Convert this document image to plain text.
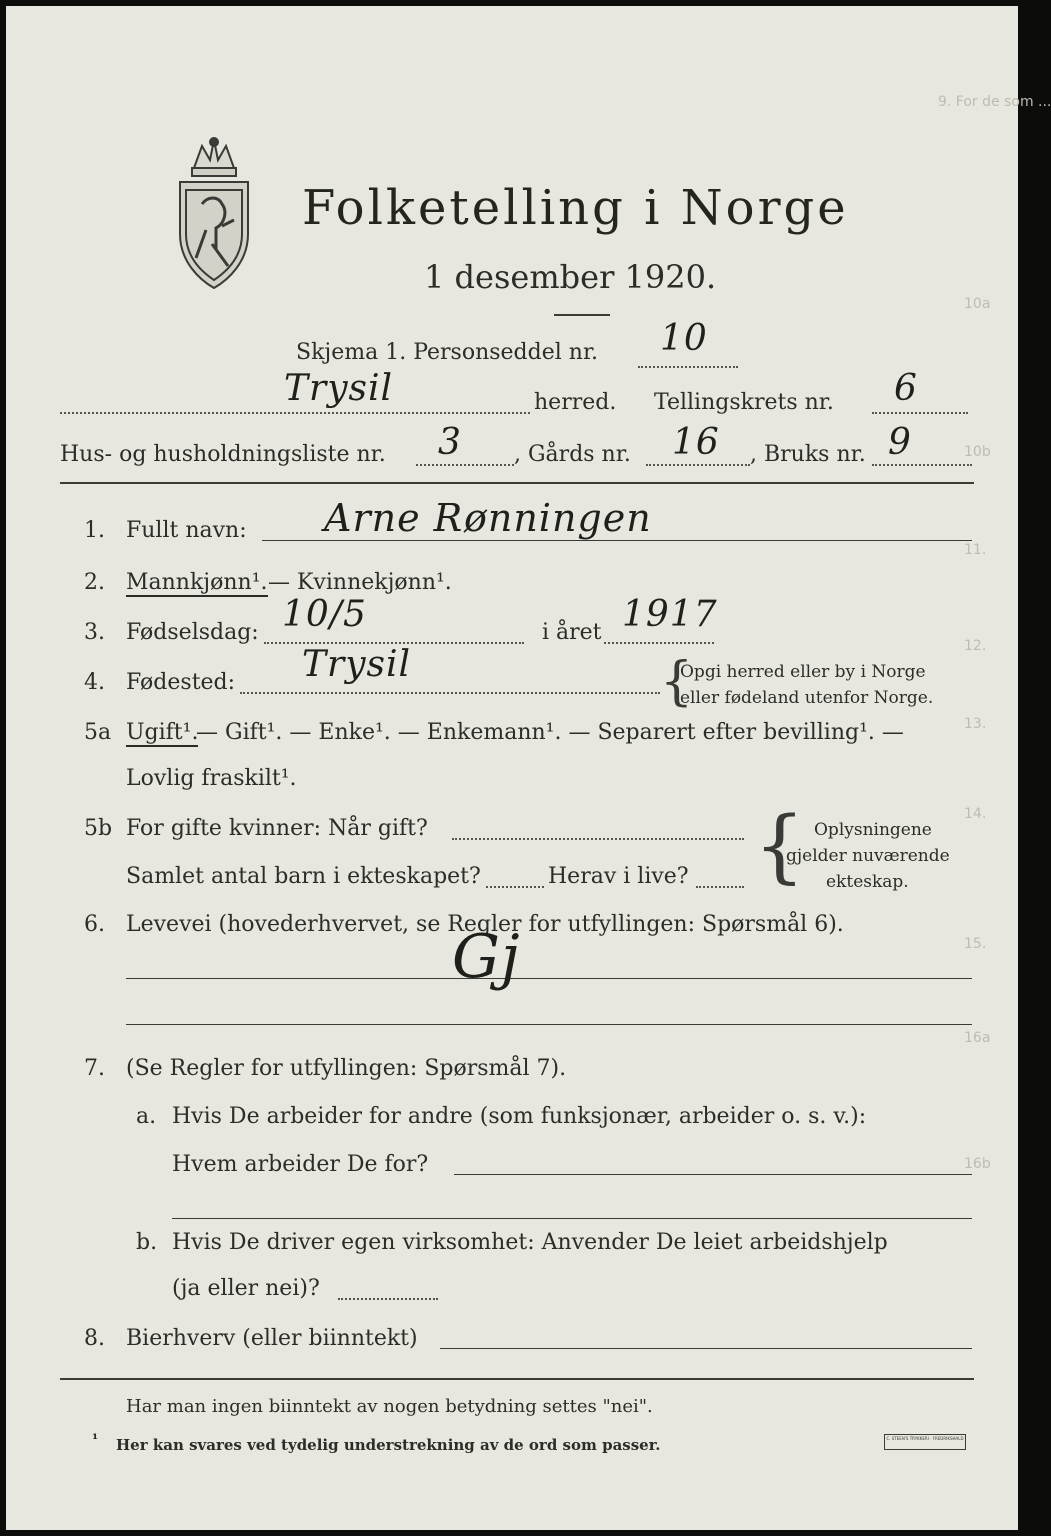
9. For de som ...
10a
10b
11.
12.
13.
14.
15.
16a
16b
Folketelling i Norge
1 desember 1920.
Skjema 1. Personseddel nr. 10
Trysil	herred. Tellingskrets nr. 6
Hus- og husholdningsliste nr. 3 , Gårds nr. 16 , Bruks nr. 9
1. Fullt navn: Arne Rønningen
2. Mannkjønn¹. — Kvinnekjønn¹.
3. Fødselsdag: 10/5	i året 1917
4. Fødested: Trysil	{
Opgi herred eller by i Norge
eller fødeland utenfor Norge.
5a Ugift¹.
— Gift¹. — Enke¹. — Enkemann¹. — Separert efter bevilling¹. —
Lovlig fraskilt¹.
5b For gifte kvinner: Når gift?
Samlet antal barn i ekteskapet?	Herav i live? { Oplysningene
gjelder nuværende
ekteskap.
6. Levevei (hovederhvervet, se Regler for utfyllingen: Spørsmål 6).
Gj
7. (Se Regler for utfyllingen: Spørsmål 7).
a. Hvis De arbeider for andre (som funksjonær, arbeider o. s. v.):
Hvem arbeider De for?
b. Hvis De driver egen virksomhet: Anvender De leiet arbeidshjelp
(ja eller nei)?
8. Bierhverv (eller biinntekt)
Har man ingen biinntekt av nogen betydning settes "nei".
¹ Her kan svares ved tydelig understrekning av de ord som passer.	C. STEEN'S TRYKKERI · FREDRIKSHALD
